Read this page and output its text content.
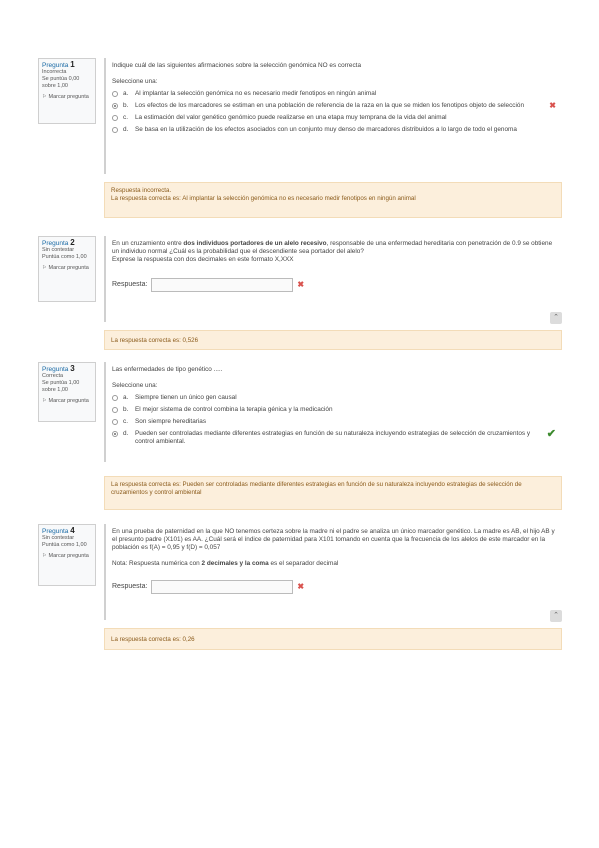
Pregunta 1
Incorrecta
Se puntúa 0,00 sobre 1,00
⚐ Marcar pregunta
Indique cuál de las siguientes afirmaciones sobre la selección genómica NO es correcta
Seleccione una:
a.	Al implantar la selección genómica no es necesario medir fenotipos en ningún animal
b.	Los efectos de los marcadores se estiman en una población de referencia de la raza en la que se miden los fenotipos objeto de selección	✖
c.	La estimación del valor genético genómico puede realizarse en una etapa muy temprana de la vida del animal
d.	Se basa en la utilización de los efectos asociados con un conjunto muy denso de marcadores distribuidos a lo largo de todo el genoma
Respuesta incorrecta.
La respuesta correcta es: Al implantar la selección genómica no es necesario medir fenotipos en ningún animal
Pregunta 2
Sin contestar
Puntúa como 1,00
⚐ Marcar pregunta
En un cruzamiento entre dos individuos portadores de un alelo recesivo, responsable de una enfermedad hereditaria con penetración de 0.9 se obtiene un individuo normal ¿Cuál es la probabilidad que el descendiente sea portador del alelo?
Exprese la respuesta con dos decimales en este formato X,XXX
Respuesta:	✖
⌃
La respuesta correcta es: 0,526
Pregunta 3
Correcta
Se puntúa 1,00 sobre 1,00
⚐ Marcar pregunta
Las enfermedades de tipo genético .....
Seleccione una:
a.	Siempre tienen un único gen causal
b.	El mejor sistema de control combina la terapia génica y la medicación
c.	Son siempre hereditarias
d.	Pueden ser controladas mediante diferentes estrategias en función de su naturaleza incluyendo estrategias de selección de cruzamientos y control ambiental.
✔
La respuesta correcta es: Pueden ser controladas mediante diferentes estrategias en función de su naturaleza incluyendo estrategias de selección de cruzamientos y control ambiental
Pregunta 4
Sin contestar
Puntúa como 1,00
⚐ Marcar pregunta
En una prueba de paternidad en la que NO tenemos certeza sobre la madre ni el padre se analiza un único marcador genético. La madre es AB, el hijo AB y el presunto padre (X101) es AA. ¿Cuál será el índice de paternidad para X101 tomando en cuenta que la frecuencia de los alelos de este marcador en la población es f(A) = 0,95 y f(D) = 0,057
Nota: Respuesta numérica con 2 decimales y la coma es el separador decimal
Respuesta:	✖
⌃
La respuesta correcta es: 0,26
